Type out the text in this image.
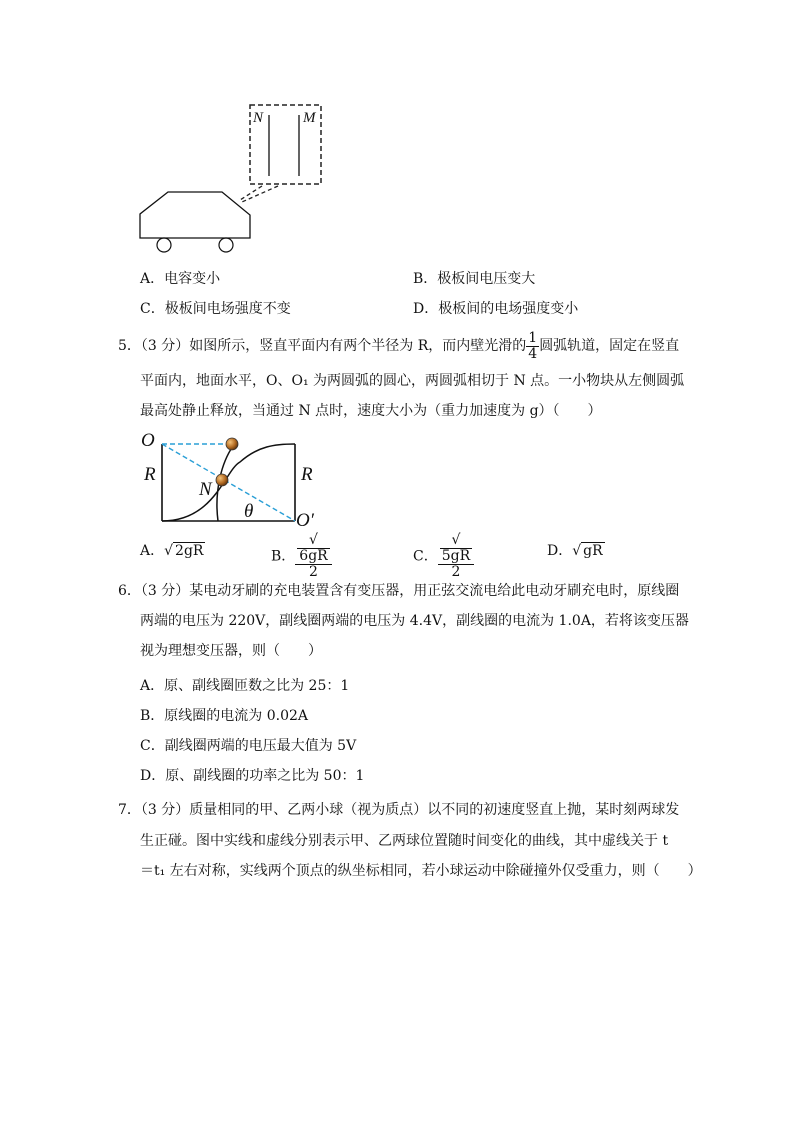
N	M
A．电容变小	B．极板间电压变大
C．极板间电场强度不变	D．极板间的电场强度变小
5．（3 分）如图所示，竖直平面内有两个半径为 R，而内壁光滑的 $\frac{1}{4}$ 圆弧轨道，固定在竖直
平面内，地面水平，O、O₁ 为两圆弧的圆心，两圆弧相切于 N 点。一小物块从左侧圆弧
最高处静止释放，当通过 N 点时，速度大小为（重力加速度为 g）（　　）
O
R
N
θ
R
O′
A．√ 2gR	B． √
6gR
2	C． √
5gR
2	D．√ gR
6．（3 分）某电动牙刷的充电装置含有变压器，用正弦交流电给此电动牙刷充电时，原线圈
两端的电压为 220V，副线圈两端的电压为 4.4V，副线圈的电流为 1.0A，若将该变压器
视为理想变压器，则（　　）
A．原、副线圈匝数之比为 25：1
B．原线圈的电流为 0.02A
C．副线圈两端的电压最大值为 5V
D．原、副线圈的功率之比为 50：1
7．（3 分）质量相同的甲、乙两小球（视为质点）以不同的初速度竖直上抛，某时刻两球发
生正碰。图中实线和虚线分别表示甲、乙两球位置随时间变化的曲线，其中虚线关于 t
＝t₁ 左右对称，实线两个顶点的纵坐标相同，若小球运动中除碰撞外仅受重力，则（　　）
